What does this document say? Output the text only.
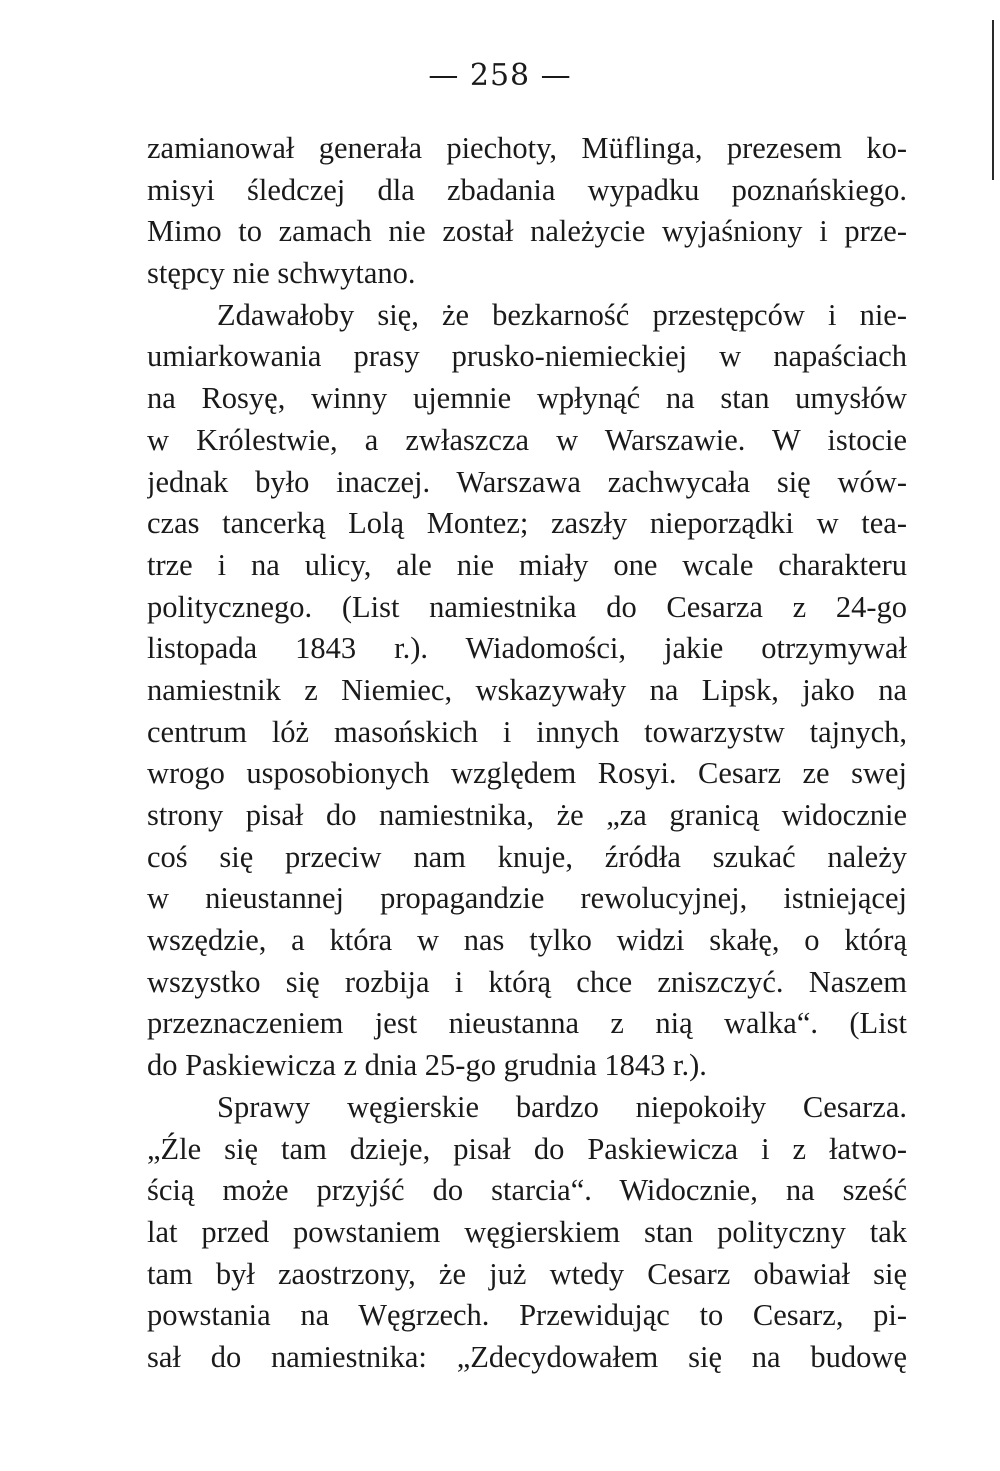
— 258 —
zamianował generała piechoty, Müflinga, prezesem ko-
misyi śledczej dla zbadania wypadku poznańskiego.
Mimo to zamach nie został należycie wyjaśniony i prze-
stępcy nie schwytano.
Zdawałoby się, że bezkarność przestępców i nie-
umiarkowania prasy prusko-niemieckiej w napaściach
na Rosyę, winny ujemnie wpłynąć na stan umysłów
w Królestwie, a zwłaszcza w Warszawie. W istocie
jednak było inaczej. Warszawa zachwycała się wów-
czas tancerką Lolą Montez; zaszły nieporządki w tea-
trze i na ulicy, ale nie miały one wcale charakteru
politycznego. (List namiestnika do Cesarza z 24-go
listopada 1843 r.). Wiadomości, jakie otrzymywał
namiestnik z Niemiec, wskazywały na Lipsk, jako na
centrum lóż masońskich i innych towarzystw tajnych,
wrogo usposobionych względem Rosyi. Cesarz ze swej
strony pisał do namiestnika, że „za granicą widocznie
coś się przeciw nam knuje, źródła szukać należy
w nieustannej propagandzie rewolucyjnej, istniejącej
wszędzie, a która w nas tylko widzi skałę, o którą
wszystko się rozbija i którą chce zniszczyć. Naszem
przeznaczeniem jest nieustanna z nią walka“. (List
do Paskiewicza z dnia 25-go grudnia 1843 r.).
Sprawy węgierskie bardzo niepokoiły Cesarza.
„Źle się tam dzieje, pisał do Paskiewicza i z łatwo-
ścią może przyjść do starcia“. Widocznie, na sześć
lat przed powstaniem węgierskiem stan polityczny tak
tam był zaostrzony, że już wtedy Cesarz obawiał się
powstania na Węgrzech. Przewidując to Cesarz, pi-
sał do namiestnika: „Zdecydowałem się na budowę
